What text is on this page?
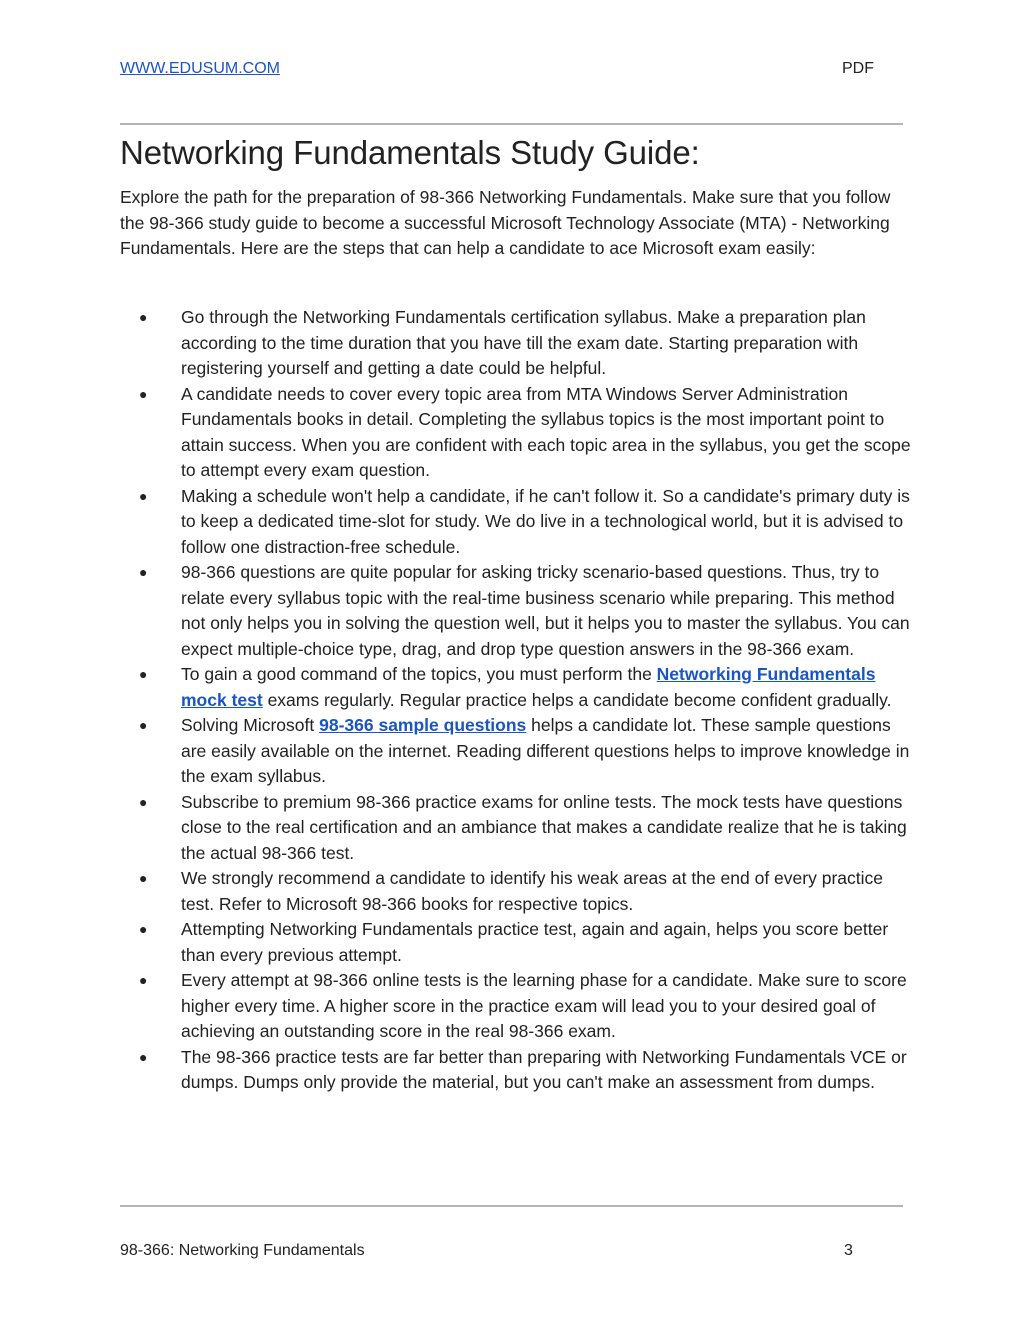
WWW.EDUSUM.COM	PDF
Networking Fundamentals Study Guide:

Explore the path for the preparation of 98-366 Networking Fundamentals. Make sure that you follow the 98-366 study guide to become a successful Microsoft Technology Associate (MTA) - Networking Fundamentals. Here are the steps that can help a candidate to ace Microsoft exam easily:

● Go through the Networking Fundamentals certification syllabus. Make a preparation plan according to the time duration that you have till the exam date. Starting preparation with registering yourself and getting a date could be helpful.
● A candidate needs to cover every topic area from MTA Windows Server Administration Fundamentals books in detail. Completing the syllabus topics is the most important point to attain success. When you are confident with each topic area in the syllabus, you get the scope to attempt every exam question.
● Making a schedule won't help a candidate, if he can't follow it. So a candidate's primary duty is to keep a dedicated time-slot for study. We do live in a technological world, but it is advised to follow one distraction-free schedule.
● 98-366 questions are quite popular for asking tricky scenario-based questions. Thus, try to relate every syllabus topic with the real-time business scenario while preparing. This method not only helps you in solving the question well, but it helps you to master the syllabus. You can expect multiple-choice type, drag, and drop type question answers in the 98-366 exam.
● To gain a good command of the topics, you must perform the Networking Fundamentals mock test exams regularly. Regular practice helps a candidate become confident gradually.
● Solving Microsoft 98-366 sample questions helps a candidate lot. These sample questions are easily available on the internet. Reading different questions helps to improve knowledge in the exam syllabus.
● Subscribe to premium 98-366 practice exams for online tests. The mock tests have questions close to the real certification and an ambiance that makes a candidate realize that he is taking the actual 98-366 test.
● We strongly recommend a candidate to identify his weak areas at the end of every practice test. Refer to Microsoft 98-366 books for respective topics.
● Attempting Networking Fundamentals practice test, again and again, helps you score better than every previous attempt.
● Every attempt at 98-366 online tests is the learning phase for a candidate. Make sure to score higher every time. A higher score in the practice exam will lead you to your desired goal of achieving an outstanding score in the real 98-366 exam.
● The 98-366 practice tests are far better than preparing with Networking Fundamentals VCE or dumps. Dumps only provide the material, but you can't make an assessment from dumps.
98-366: Networking Fundamentals	3
